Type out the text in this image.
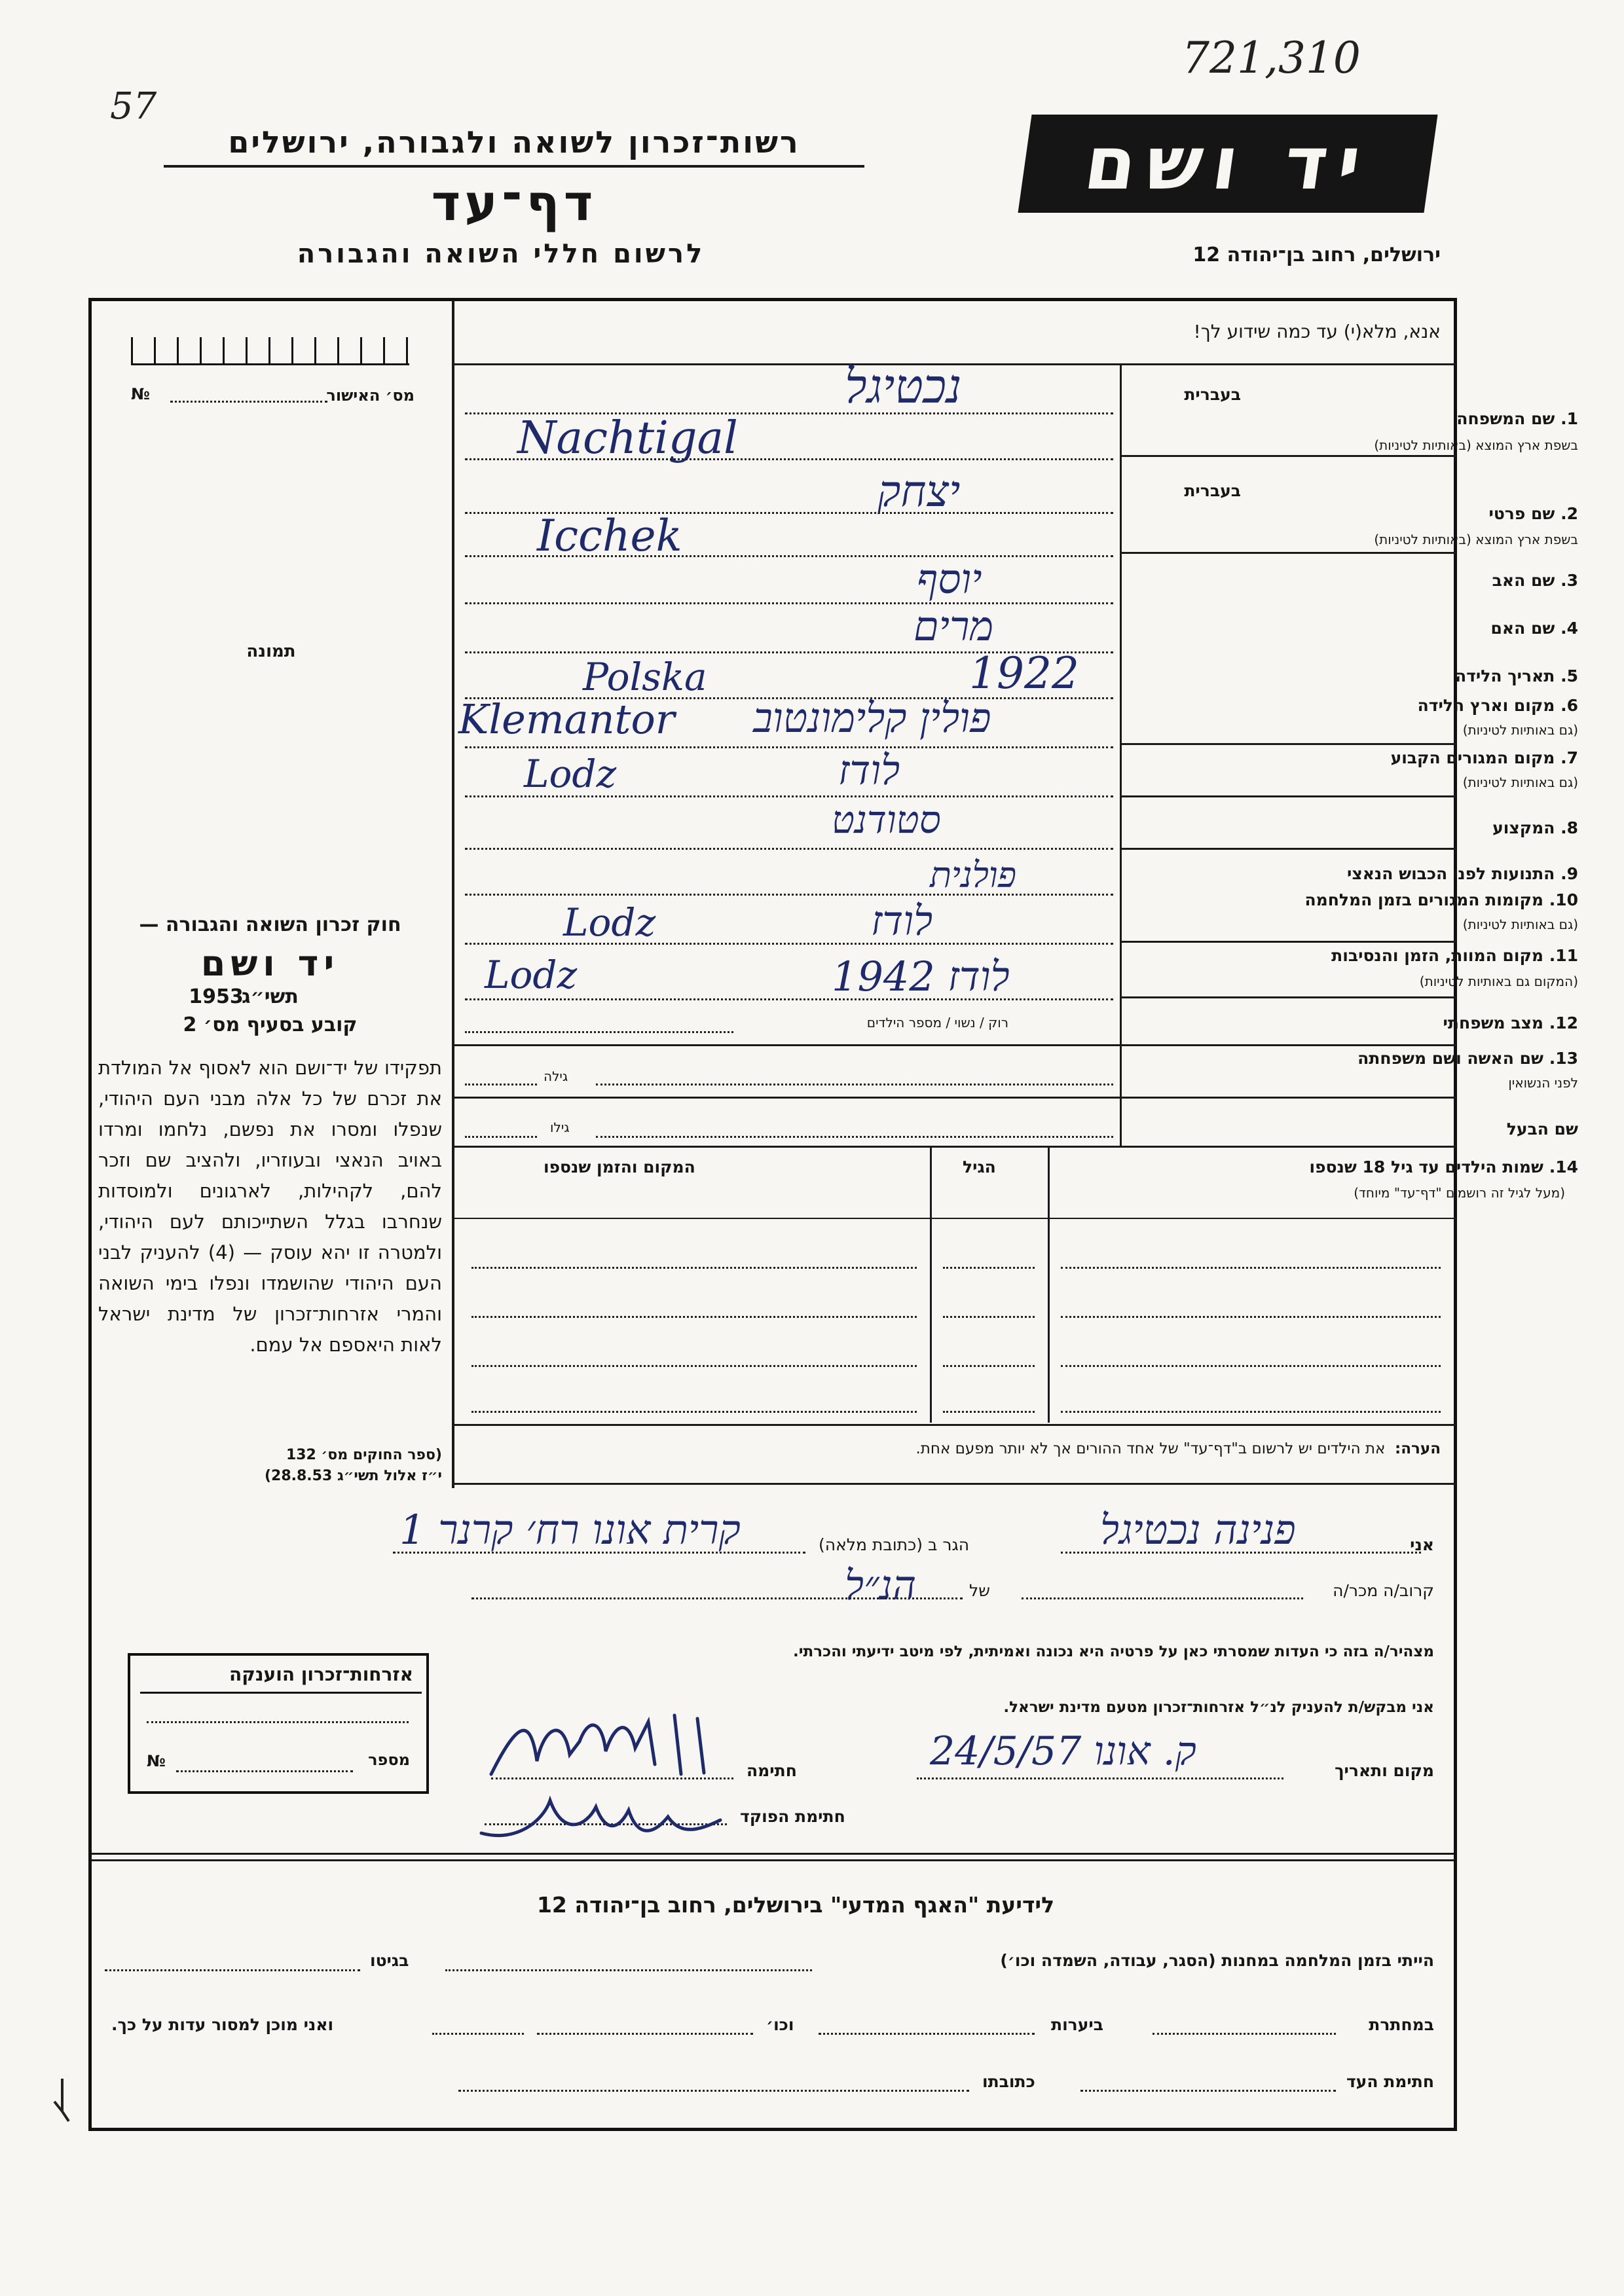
721,310
57
רשות־זכרון לשואה ולגבורה, ירושלים
דף־עד
לרשום חללי השואה והגבורה
יד ושם
ירושלים, רחוב בן־יהודה 12
מס׳ האישור
№
תמונה
חוק זכרון השואה והגבורה —
יד ושם
תשי״ג
1953
קובע בסעיף מס׳ 2
תפקידו של יד־ושם הוא לאסוף אל המולדת את זכרם של כל אלה מבני העם היהודי, שנפלו ומסרו את נפשם, נלחמו ומרדו באויב הנאצי ובעוזריו, ולהציב שם וזכר להם, לקהילות, לארגונים ולמוסדות שנחרבו בגלל השתייכותם לעם היהודי, ולמטרה זו יהא עוסק — (4) להעניק לבני העם היהודי שהושמדו ונפלו בימי השואה והמרי אזרחות־זכרון של מדינת ישראל לאות היאספם אל עמם.
(ספר החוקים מס׳ 132
י״ז אלול תשי״ג 28.8.53)
אנא, מלא(י) עד כמה שידוע לך!
בעברית
1. שם המשפחה
בשפת ארץ המוצא (באותיות לטיניות)
נכטיגל
Nachtigal
בעברית
2. שם פרטי
בשפת ארץ המוצא (באותיות לטיניות)
יצחק
Icchek
3. שם האב
יוסף
4. שם האם
מרים
5. תאריך הלידה
1922
Polska
6. מקום וארץ הלידה
(גם באותיות לטיניות)
פולין קלימונטוב
Klemantor
7. מקום המגורים הקבוע
(גם באותיות לטיניות)
לודז
Lodz
8. המקצוע
סטודנט
9. התנועות לפני הכבוש הנאצי
פולנית
10. מקומות המגורים בזמן המלחמה
(גם באותיות לטיניות)
לודז
Lodz
11. מקום המוות, הזמן והנסיבות
(המקום גם באותיות לטיניות)
1942 לודז
Lodz
12. מצב משפחתי
רוק / נשוי / מספר הילדים
13. שם האשה ושם משפחתה
לפני הנשואין
גילה
שם הבעל
גילו
14. שמות הילדים עד גיל 18 שנספו
(מעל לגיל זה רושמים "דף־עד" מיוחד)
הגיל
המקום והזמן שנספו
הערה:  את הילדים יש לרשום ב"דף־עד" של אחד ההורים אך לא יותר מפעם אחת.
אני
פנינה נכטיגל
הגר ב (כתובת מלאה)
קרית אונו רח׳ קרנר 1
קרוב/ה מכר/ה
של
הנ״ל
מצהיר/ה בזה כי העדות שמסרתי כאן על פרטיה היא נכונה ואמיתית, לפי מיטב ידיעתי והכרתי.
אני מבקש/ת להעניק לנ״ל אזרחות־זכרון מטעם מדינת ישראל.
מקום ותאריך
ק. אונו 24/5/57
חתימה
חתימת הפוקד
אזרחות־זכרון הוענקה
מספר
№
לידיעת "האגף המדעי" בירושלים, רחוב בן־יהודה 12
הייתי בזמן המלחמה במחנות (הסגר, עבודה, השמדה וכו׳)
בגיטו
במחתרת
ביערות
וכו׳
ואני מוכן למסור עדות על כך.
חתימת העד
כתובתו
